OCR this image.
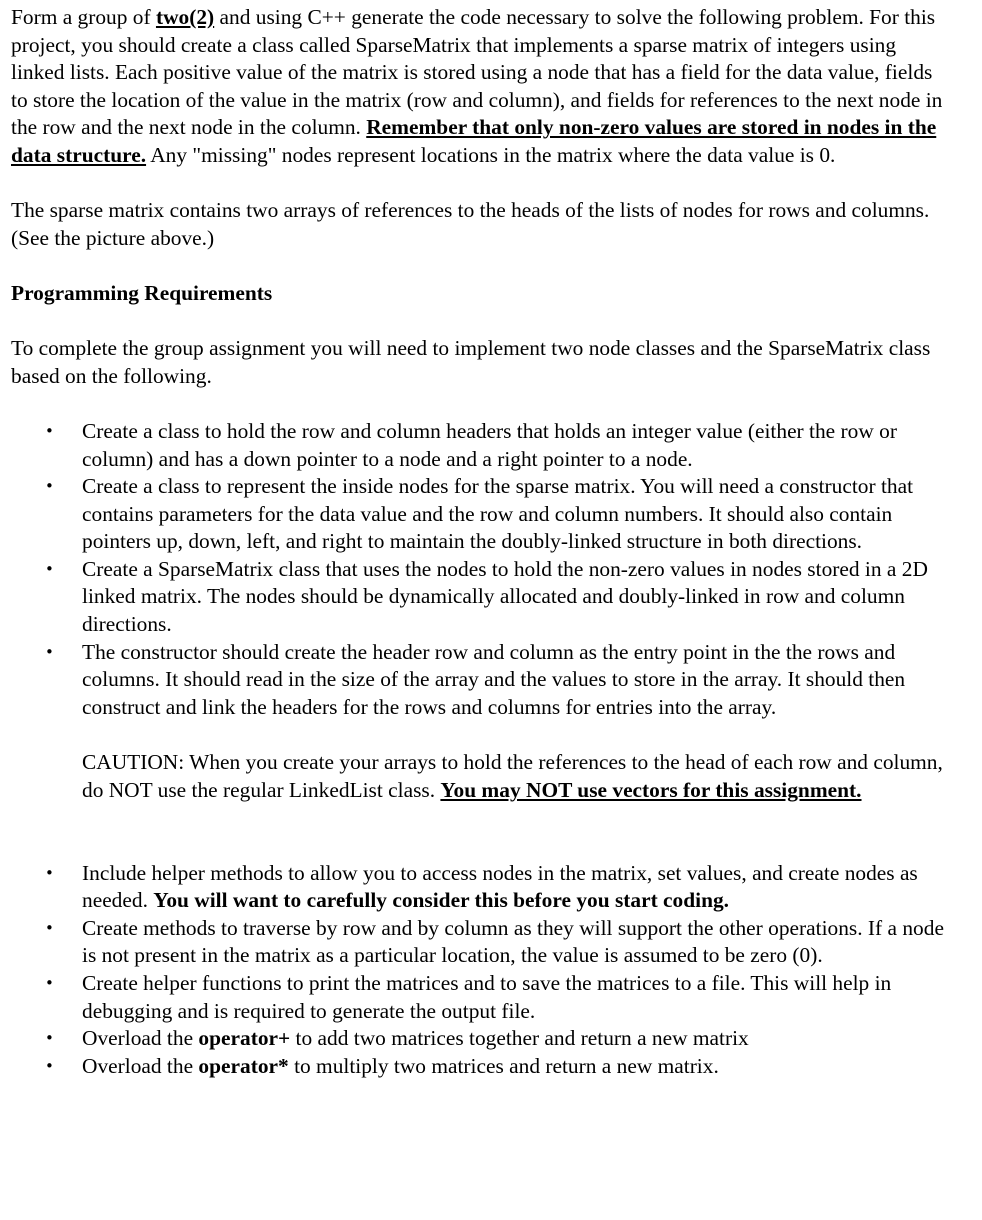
Form a group of two(2) and using C++ generate the code necessary to solve the following problem. For this project, you should create a class called SparseMatrix that implements a sparse matrix of integers using linked lists. Each positive value of the matrix is stored using a node that has a field for the data value, fields to store the location of the value in the matrix (row and column), and fields for references to the next node in the row and the next node in the column. Remember that only non-zero values are stored in nodes in the data structure. Any "missing" nodes represent locations in the matrix where the data value is 0.

The sparse matrix contains two arrays of references to the heads of the lists of nodes for rows and columns. (See the picture above.)

Programming Requirements

To complete the group assignment you will need to implement two node classes and the SparseMatrix class based on the following.

• Create a class to hold the row and column headers that holds an integer value (either the row or column) and has a down pointer to a node and a right pointer to a node.
• Create a class to represent the inside nodes for the sparse matrix. You will need a constructor that contains parameters for the data value and the row and column numbers. It should also contain pointers up, down, left, and right to maintain the doubly-linked structure in both directions.
• Create a SparseMatrix class that uses the nodes to hold the non-zero values in nodes stored in a 2D linked matrix. The nodes should be dynamically allocated and doubly-linked in row and column directions.
• The constructor should create the header row and column as the entry point in the the rows and columns. It should read in the size of the array and the values to store in the array. It should then construct and link the headers for the rows and columns for entries into the array.

CAUTION: When you create your arrays to hold the references to the head of each row and column, do NOT use the regular LinkedList class. You may NOT use vectors for this assignment.

• Include helper methods to allow you to access nodes in the matrix, set values, and create nodes as needed. You will want to carefully consider this before you start coding.
• Create methods to traverse by row and by column as they will support the other operations. If a node is not present in the matrix as a particular location, the value is assumed to be zero (0).
• Create helper functions to print the matrices and to save the matrices to a file. This will help in debugging and is required to generate the output file.
• Overload the operator+ to add two matrices together and return a new matrix
• Overload the operator* to multiply two matrices and return a new matrix.
